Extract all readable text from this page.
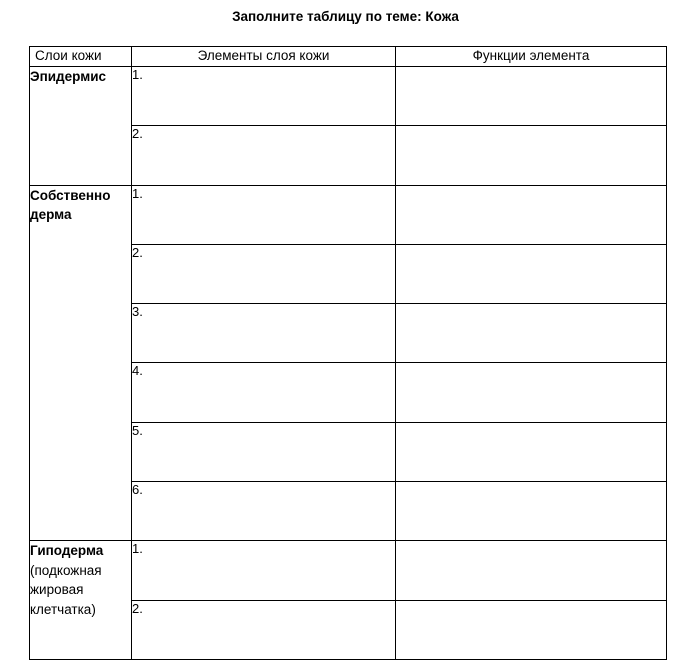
Заполните таблицу по теме: Кожа
Слои кожи	Элементы слоя кожи	Функции элемента
Эпидермис	1.	
	2.	
Собственно дерма	1.	
	2.	
	3.	
	4.	
	5.	
	6.	
Гиподерма (подкожная жировая клетчатка)	1.	
	2.	
